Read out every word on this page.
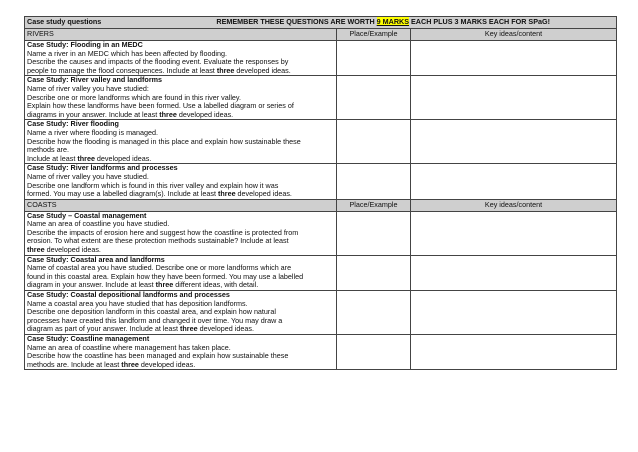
Case study questions REMEMBER THESE QUESTIONS ARE WORTH 9 MARKS EACH PLUS 3 MARKS EACH FOR SPaG!		

RIVERS	Place/Example	Key ideas/content

Case Study: Flooding in an MEDC
Name a river in an MEDC which has been affected by flooding.
Describe the causes and impacts of the flooding event. Evaluate the responses by
people to manage the flood consequences. Include at least three developed ideas.		

Case Study: River valley and landforms
Name of river valley you have studied:
Describe one or more landforms which are found in this river valley.
Explain how these landforms have been formed. Use a labelled diagram or series of
diagrams in your answer. Include at least three developed ideas.		

Case Study: River flooding
Name a river where flooding is managed.
Describe how the flooding is managed in this place and explain how sustainable these
methods are.
Include at least three developed ideas.		

Case Study: River landforms and processes
Name of river valley you have studied.
Describe one landform which is found in this river valley and explain how it was
formed. You may use a labelled diagram(s). Include at least three developed ideas.		

COASTS	Place/Example	Key ideas/content

Case Study – Coastal management
Name an area of coastline you have studied.
Describe the impacts of erosion here and suggest how the coastline is protected from
erosion. To what extent are these protection methods sustainable? Include at least
three developed ideas.		

Case Study: Coastal area and landforms
Name of coastal area you have studied. Describe one or more landforms which are
found in this coastal area. Explain how they have been formed. You may use a labelled
diagram in your answer. Include at least three different ideas, with detail.		

Case Study: Coastal depositional landforms and processes
Name a coastal area you have studied that has deposition landforms.
Describe one deposition landform in this coastal area, and explain how natural
processes have created this landform and changed it over time. You may draw a
diagram as part of your answer. Include at least three developed ideas.		

Case Study: Coastline management
Name an area of coastline where management has taken place.
Describe how the coastline has been managed and explain how sustainable these
methods are. Include at least three developed ideas.		
